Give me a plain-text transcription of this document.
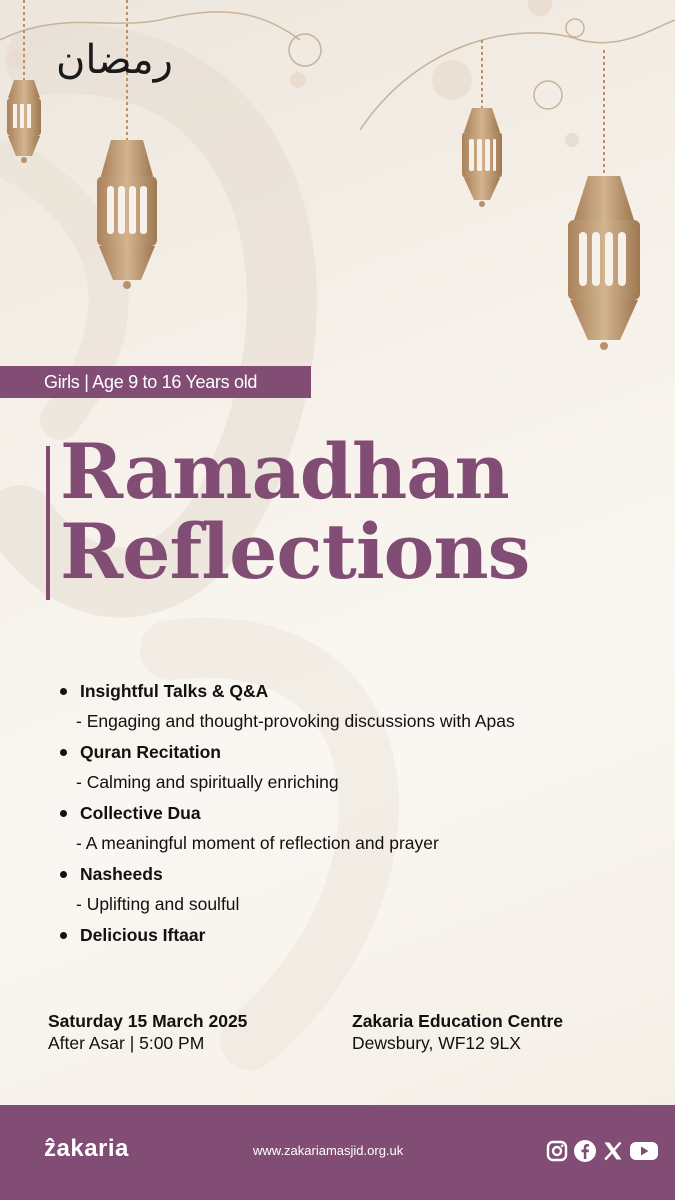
رمضان
Girls | Age 9 to 16 Years old
Ramadhan
Reflections
Insightful Talks & Q&A
- Engaging and thought-provoking discussions with Apas
Quran Recitation
- Calming and spiritually enriching
Collective Dua
- A meaningful moment of reflection and prayer
Nasheeds
- Uplifting and soulful
Delicious Iftaar
Saturday 15 March 2025
After Asar | 5:00 PM
Zakaria Education Centre
Dewsbury, WF12 9LX
ẑakaria	www.zakariamasjid.org.uk
